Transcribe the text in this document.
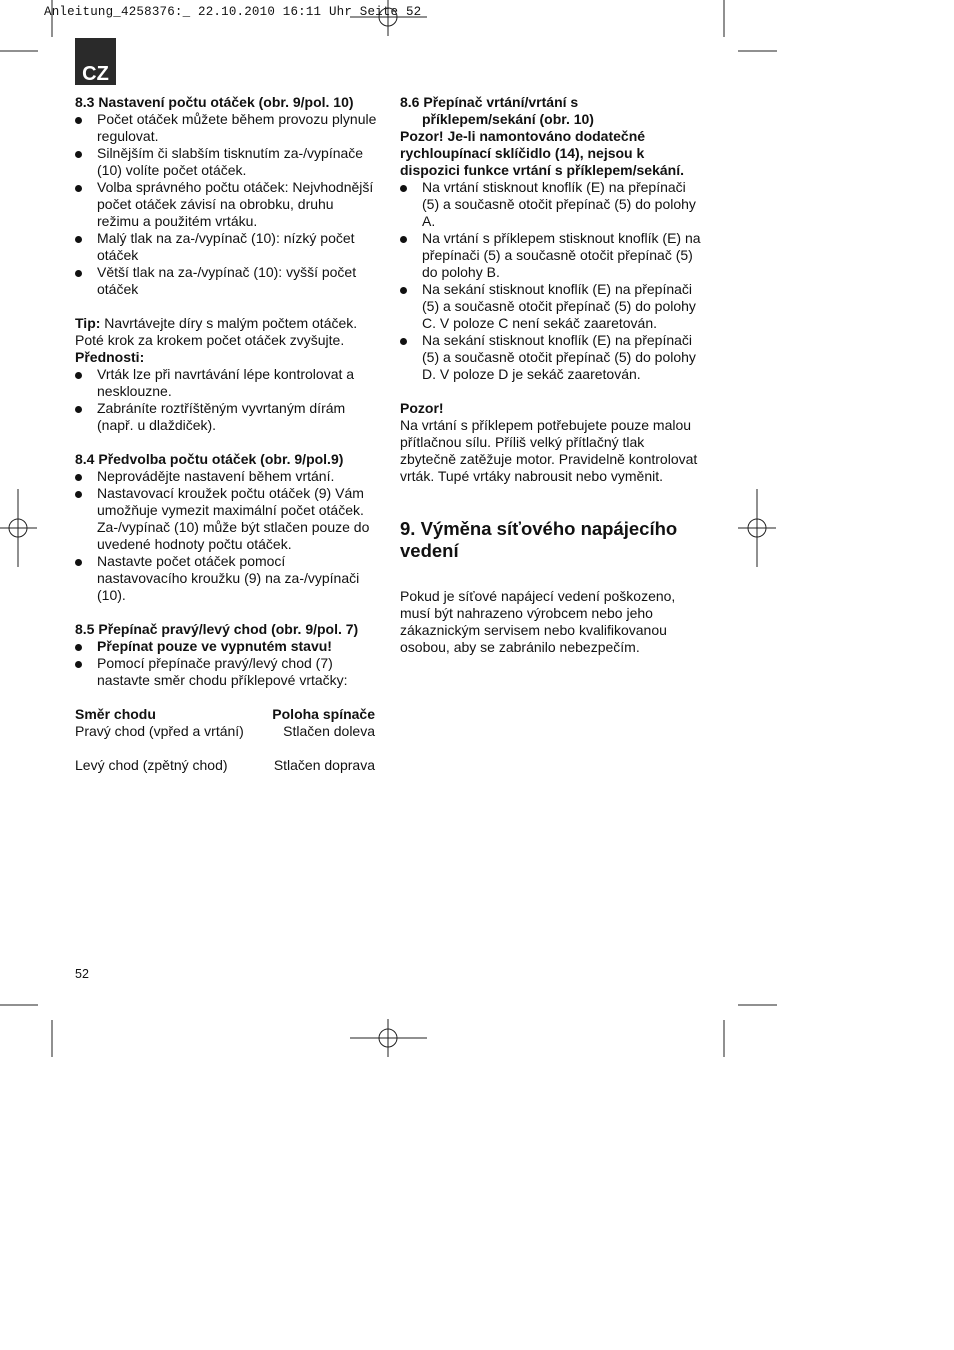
Anleitung_4258376:_ 22.10.2010 16:11 Uhr Seite 52
CZ

8.3 Nastavení počtu otáček (obr. 9/pol. 10)

Počet otáček můžete během provozu plynule regulovat.
Silnějším či slabším tisknutím za-/vypínače (10) volíte počet otáček.
Volba správného počtu otáček: Nejvhodnější počet otáček závisí na obrobku, druhu režimu a použitém vrtáku.
Malý tlak na za-/vypínač (10): nízký počet otáček
Větší tlak na za-/vypínač (10): vyšší počet otáček

Tip: Navrtávejte díry s malým počtem otáček. Poté krok za krokem počet otáček zvyšujte.

Přednosti:

Vrták lze při navrtávání lépe kontrolovat a nesklouzne.
Zabráníte roztříštěným vyvrtaným dírám (např. u dlaždiček).

8.4 Předvolba počtu otáček (obr. 9/pol.9)

Neprovádějte nastavení během vrtání.
Nastavovací kroužek počtu otáček (9) Vám umožňuje vymezit maximální počet otáček. Za-/vypínač (10) může být stlačen pouze do uvedené hodnoty počtu otáček.
Nastavte počet otáček pomocí nastavovacího kroužku (9) na za-/vypínači (10).

8.5 Přepínač pravý/levý chod (obr. 9/pol. 7)

Přepínat pouze ve vypnutém stavu!
Pomocí přepínače pravý/levý chod (7) nastavte směr chodu příklepové vrtačky:
Směr chodu	Poloha spínače
Pravý chod (vpřed a vrtání)	Stlačen doleva
Levý chod (zpětný chod)	Stlačen doprava

8.6 Přepínač vrtání/vrtání s

příklepem/sekání (obr. 10)

Pozor! Je-li namontováno dodatečné rychloupínací sklíčidlo (14), nejsou k dispozici funkce vrtání s příklepem/sekání.

Na vrtání stisknout knoflík (E) na přepínači (5) a současně otočit přepínač (5) do polohy A.
Na vrtání s příklepem stisknout knoflík (E) na přepínači (5) a současně otočit přepínač (5) do polohy B.
Na sekání stisknout knoflík (E) na přepínači (5) a současně otočit přepínač (5) do polohy C. V poloze C není sekáč zaaretován.
Na sekání stisknout knoflík (E) na přepínači (5) a současně otočit přepínač (5) do polohy D. V poloze D je sekáč zaaretován.

Pozor!

Na vrtání s příklepem potřebujete pouze malou přítlačnou sílu. Příliš velký přítlačný tlak zbytečně zatěžuje motor. Pravidelně kontrolovat vrták. Tupé vrtáky nabrousit nebo vyměnit.

9. Výměna síťového napájecího vedení

Pokud je síťové napájecí vedení poškozeno, musí být nahrazeno výrobcem nebo jeho zákaznickým servisem nebo kvalifikovanou osobou, aby se zabránilo nebezpečím.

52
